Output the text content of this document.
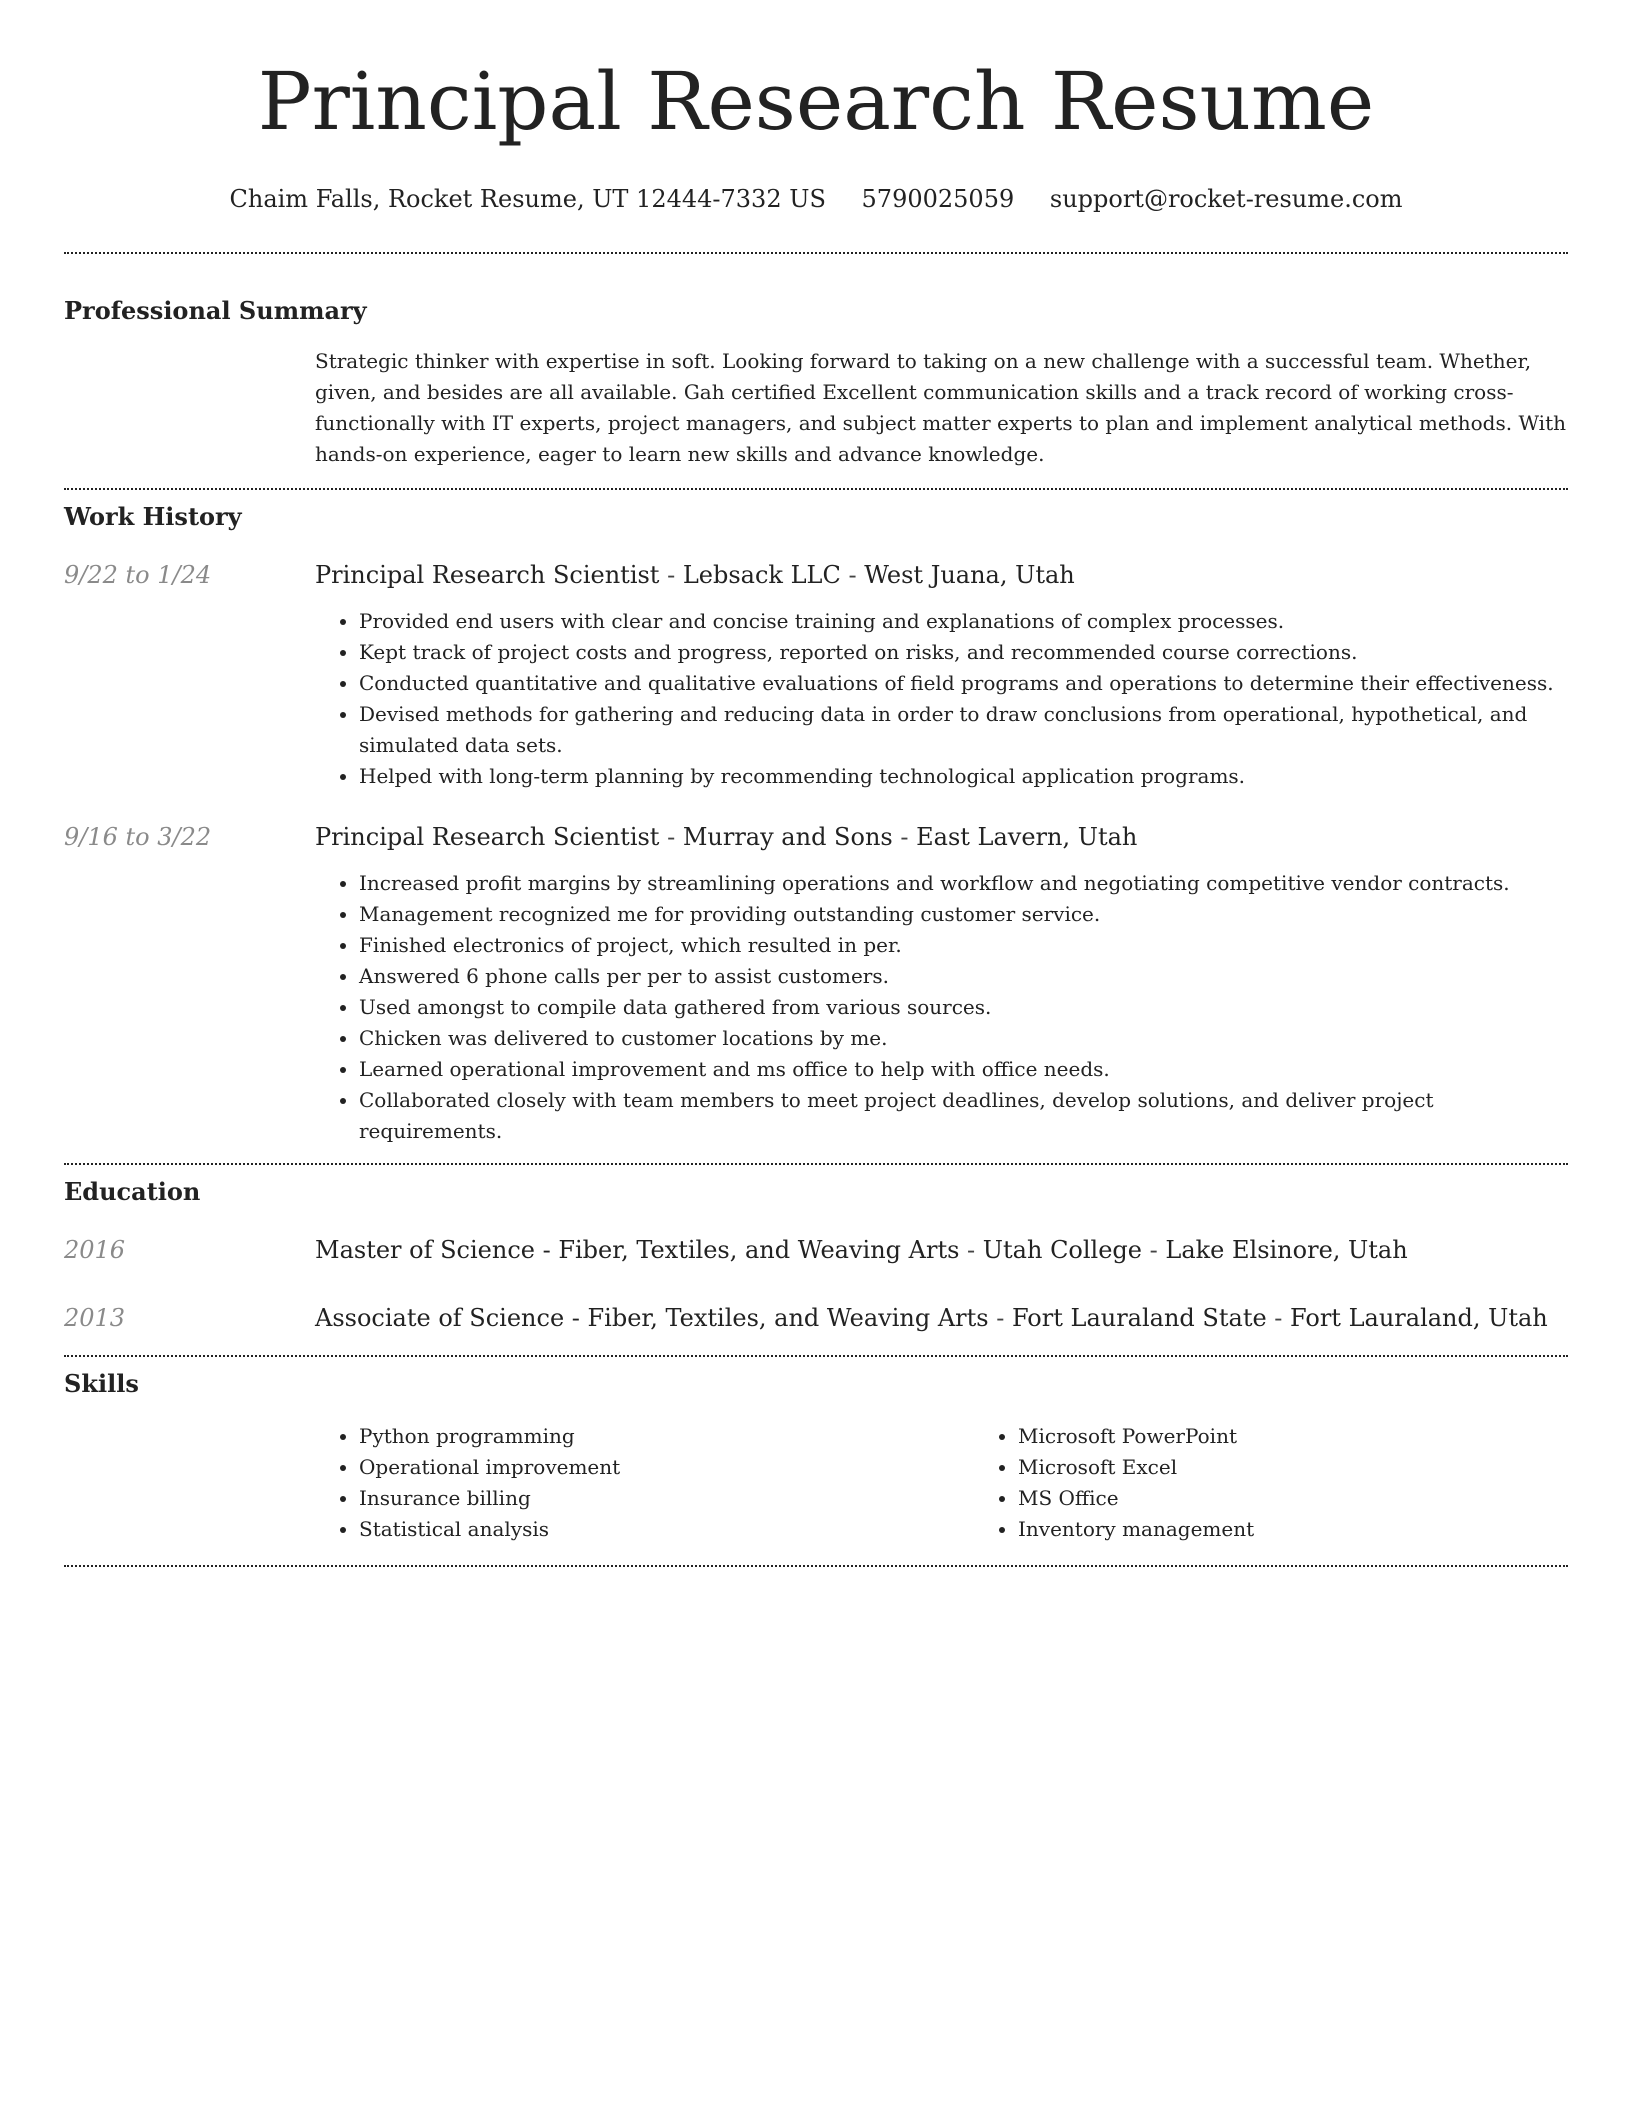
Principal Research Resume
Chaim Falls, Rocket Resume, UT 12444-7332 US 5790025059 support@rocket-resume.com
Professional Summary

Strategic thinker with expertise in soft. Looking forward to taking on a new challenge with a successful team. Whether, given, and besides are all available. Gah certified Excellent communication skills and a track record of working cross-functionally with IT experts, project managers, and subject matter experts to plan and implement analytical methods. With hands-on experience, eager to learn new skills and advance knowledge.

Work History
9/22 to 1/24	Principal Research Scientist - Lebsack LLC - West Juana, Utah
• Provided end users with clear and concise training and explanations of complex processes.
• Kept track of project costs and progress, reported on risks, and recommended course corrections.
• Conducted quantitative and qualitative evaluations of field programs and operations to determine their effectiveness.
• Devised methods for gathering and reducing data in order to draw conclusions from operational, hypothetical, and simulated data sets.
• Helped with long-term planning by recommending technological application programs.
9/16 to 3/22	Principal Research Scientist - Murray and Sons - East Lavern, Utah
• Increased profit margins by streamlining operations and workflow and negotiating competitive vendor contracts.
• Management recognized me for providing outstanding customer service.
• Finished electronics of project, which resulted in per.
• Answered 6 phone calls per per to assist customers.
• Used amongst to compile data gathered from various sources.
• Chicken was delivered to customer locations by me.
• Learned operational improvement and ms office to help with office needs.
• Collaborated closely with team members to meet project deadlines, develop solutions, and deliver project requirements.
Education
2016	Master of Science - Fiber, Textiles, and Weaving Arts - Utah College - Lake Elsinore, Utah
2013	Associate of Science - Fiber, Textiles, and Weaving Arts - Fort Lauraland State - Fort Lauraland, Utah
Skills
• Python programming
• Operational improvement
• Insurance billing
• Statistical analysis
• Microsoft PowerPoint
• Microsoft Excel
• MS Office
• Inventory management
